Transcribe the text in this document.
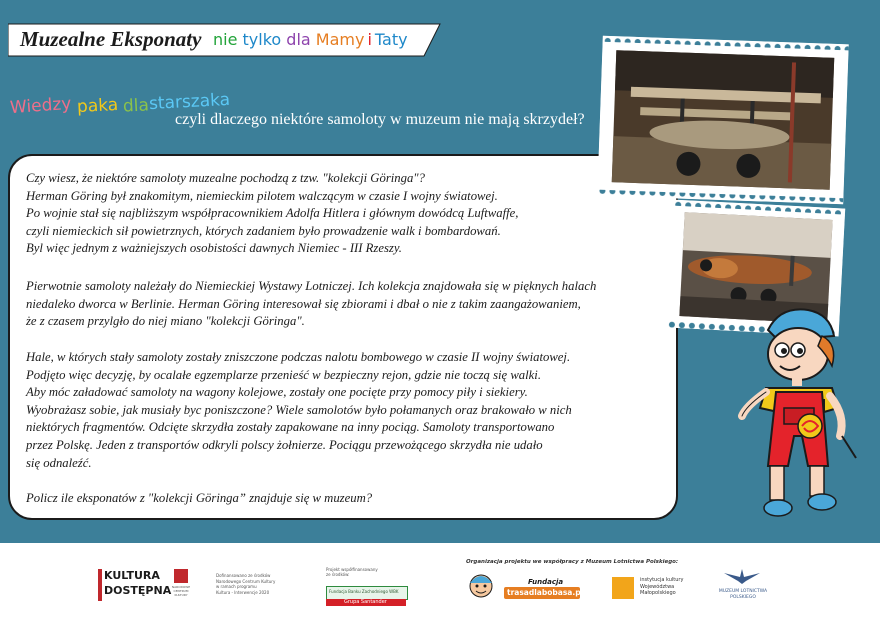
Muzealne Eksponaty nie tylko dla Mamy i Taty
Wiedzy paka dlastarszaka
czyli dlaczego niektóre samoloty w muzeum nie mają skrzydeł?

Czy wiesz, że niektóre samoloty muzealne pochodzą z tzw. "kolekcji Göringa"?
Herman Göring był znakomitym, niemieckim pilotem walczącym w czasie I wojny światowej.
Po wojnie stał się najbliższym współpracownikiem Adolfa Hitlera i głównym dowódcą Luftwaffe,
czyli niemieckich sił powietrznych, których zadaniem było prowadzenie walk i bombardowań.
Byl więc jednym z ważniejszych osobistości dawnych Niemiec - III Rzeszy.

Pierwotnie samoloty należały do Niemieckiej Wystawy Lotniczej. Ich kolekcja znajdowała się w pięknych halach
niedaleko dworca w Berlinie. Herman Göring interesował się zbiorami i dbał o nie z takim zaangażowaniem,
że z czasem przylgło do niej miano "kolekcji Göringa".

Hale, w których stały samoloty zostały zniszczone podczas nalotu bombowego w czasie II wojny światowej.
Podjęto więc decyzję, by ocalałe egzemplarze przenieść w bezpieczny rejon, gdzie nie toczą się walki.
Aby móc załadować samoloty na wagony kolejowe, zostały one pocięte przy pomocy piły i siekiery.
Wyobrażasz sobie, jak musiały byc poniszczone? Wiele samolotów było połamanych oraz brakowało w nich
niektórych fragmentów. Odcięte skrzydła zostały zapakowane na inny pociąg. Samoloty transportowano
przez Polskę. Jeden z transportów odkryli polscy żołnierze. Pociągu przewożącego skrzydła nie udało
się odnaleźć.

Policz ile eksponatów z "kolekcji Göringa” znajduje się w muzeum?

KULTURA
DOSTĘPNA NARODOWE CENTRUM KULTURY
Dofinansowano ze środków
Narodowego Centrum Kultury
w ramach programu
Kultura - Interwencje 2020
Projekt współfinansowany
ze środków:
Fundacja Banku Zachodniego WBK
Grupa Santander
Organizacja projektu we współpracy z Muzeum Lotnictwa Polskiego:
Fundacja
trasadlabobasa.pl
instytucja kultury
Województwa
Małopolskiego	MUZEUM LOTNICTWA
POLSKIEGO
